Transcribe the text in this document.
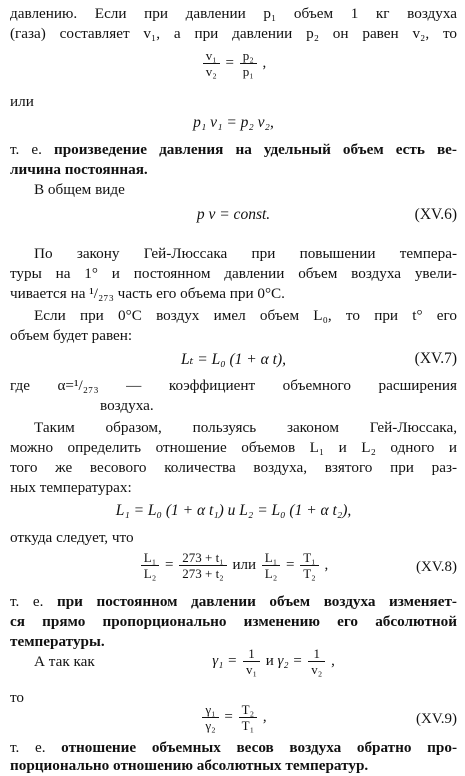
давлению. Если при давлении p₁ объем 1 кг воздуха
(газа) составляет v₁, а при давлении p₂ он равен v₂, то
$\frac{\text{v₁}}{\text{v₂}} = \frac{\text{p₂}}{\text{p₁}}$ ,
или
p₁ v₁ = p₂ v₂,
т. е. произведение давления на удельный объем есть ве-
личина постоянная.
В общем виде
p v = const.	(XV.6)
По закону Гей-Люссака при повышении темпера-
туры на 1° и постоянном давлении объем воздуха увели-
чивается на ¹/₂₇₃ часть его объема при 0°С.
Если при 0°С воздух имел объем L₀, то при t° его
объем будет равен:
Lₜ = L₀ (1 + α t),	(XV.7)
где α=¹/₂₇₃ — коэффициент объемного расширения
воздуха.
Таким образом, пользуясь законом Гей-Люссака,
можно определить отношение объемов L₁ и L₂ одного и
того же весового количества воздуха, взятого при раз-
ных температурах:
L₁ = L₀ (1 + α t₁) и L₂ = L₀ (1 + α t₂),
откуда следует, что
$\frac{\text{L₁}}{\text{L₂}} = \frac{\text{273 + t₁}}{\text{273 + t₂}}$ или $\frac{\text{L₁}}{\text{L₂}} = \frac{\text{T₁}}{\text{T₂}}$ ,	(XV.8)
т. е. при постоянном давлении объем воздуха изменяет-
ся прямо пропорционально изменению его абсолютной
температуры.
А так как	$\gamma_1 = \frac{1}{\text{v₁}}$ и $\gamma_2 = \frac{1}{\text{v₂}}$ ,
то
$\frac{\text{γ₁}}{\text{γ₂}} = \frac{\text{T₂}}{\text{T₁}}$ ,	(XV.9)
т. е. отношение объемных весов воздуха обратно про-
порционально отношению абсолютных температур.
